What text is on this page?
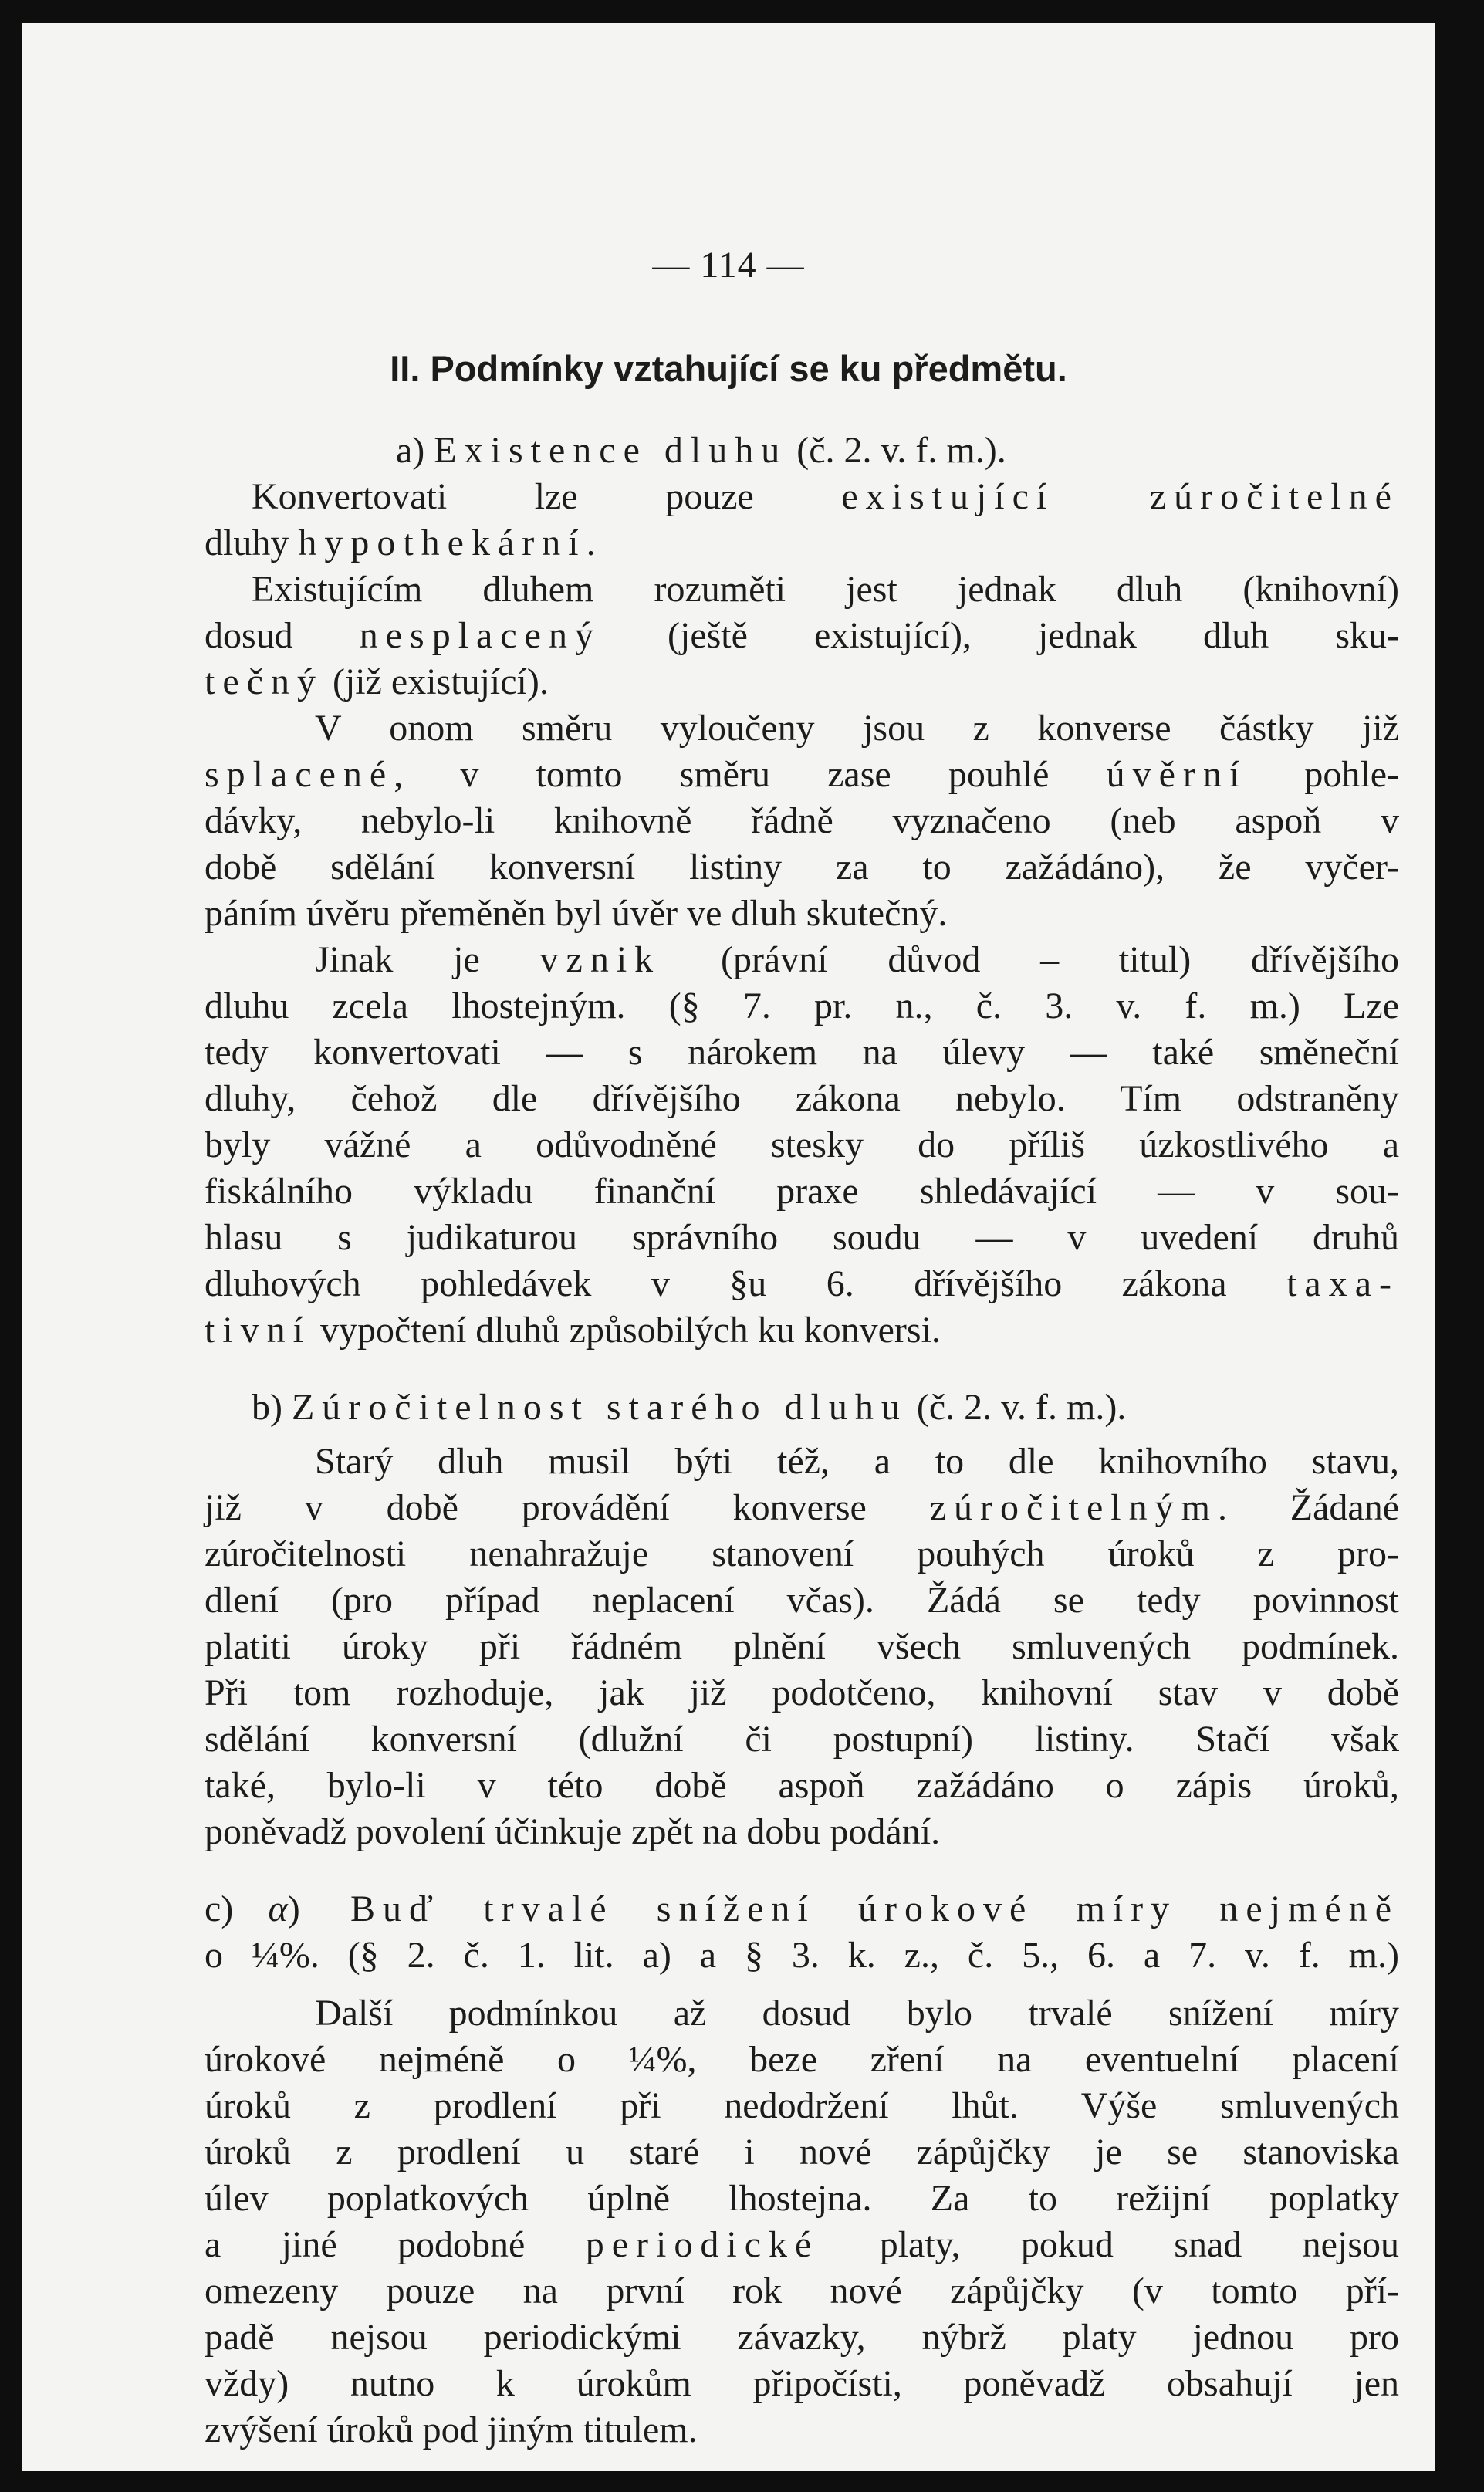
— 114 —
II. Podmínky vztahující se ku předmětu.
a) Existence dluhu (č. 2. v. f. m.).
Konvertovati lze pouze existující zúročitelné
dluhy hypothekární.
Existujícím dluhem rozuměti jest jednak dluh (knihovní)
dosud nesplacený (ještě existující), jednak dluh sku-
tečný (již existující).
V onom směru vyloučeny jsou z konverse částky již
splacené, v tomto směru zase pouhlé úvěrní pohle-
dávky, nebylo-li knihovně řádně vyznačeno (neb aspoň v
době sdělání konversní listiny za to zažádáno), že vyčer-
páním úvěru přeměněn byl úvěr ve dluh skutečný.
Jinak je vznik (právní důvod – titul) dřívějšího
dluhu zcela lhostejným. (§ 7. pr. n., č. 3. v. f. m.) Lze
tedy konvertovati — s nárokem na úlevy — také směneční
dluhy, čehož dle dřívějšího zákona nebylo. Tím odstraněny
byly vážné a odůvodněné stesky do příliš úzkostlivého a
fiskálního výkladu finanční praxe shledávající — v sou-
hlasu s judikaturou správního soudu — v uvedení druhů
dluhových pohledávek v §u 6. dřívějšího zákona taxa-
tivní vypočtení dluhů způsobilých ku konversi.
b) Zúročitelnost starého dluhu (č. 2. v. f. m.).
Starý dluh musil býti též, a to dle knihovního stavu,
již v době provádění konverse zúročitelným. Žádané
zúročitelnosti nenahražuje stanovení pouhých úroků z pro-
dlení (pro případ neplacení včas). Žádá se tedy povinnost
platiti úroky při řádném plnění všech smluvených podmínek.
Při tom rozhoduje, jak již podotčeno, knihovní stav v době
sdělání konversní (dlužní či postupní) listiny. Stačí však
také, bylo-li v této době aspoň zažádáno o zápis úroků,
poněvadž povolení účinkuje zpět na dobu podání.
c) α) Buď trvalé snížení úrokové míry nejméně
o ¼%. (§ 2. č. 1. lit. a) a § 3. k. z., č. 5., 6. a 7. v. f. m.)
Další podmínkou až dosud bylo trvalé snížení míry
úrokové nejméně o ¼%, beze zření na eventuelní placení
úroků z prodlení při nedodržení lhůt. Výše smluvených
úroků z prodlení u staré i nové zápůjčky je se stanoviska
úlev poplatkových úplně lhostejna. Za to režijní poplatky
a jiné podobné periodické platy, pokud snad nejsou
omezeny pouze na první rok nové zápůjčky (v tomto pří-
padě nejsou periodickými závazky, nýbrž platy jednou pro
vždy) nutno k úrokům připočísti, poněvadž obsahují jen
zvýšení úroků pod jiným titulem.
